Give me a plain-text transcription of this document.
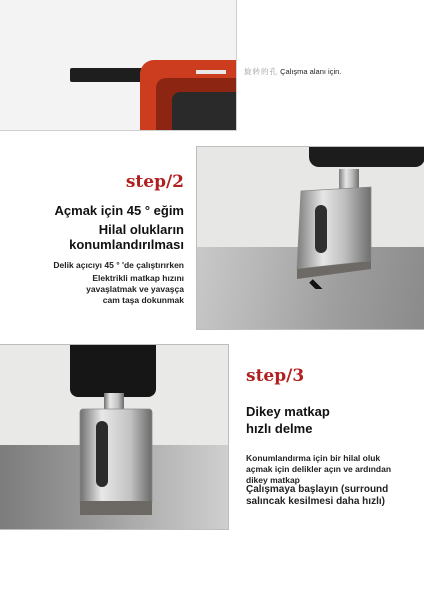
旋转的孔 Çalışma alanı için.
step/2
Açmak için 45 ° eğim
Hilal olukların
konumlandırılması
Delik açıcıyı 45 ° 'de çalıştırırken
Elektrikli matkap hızını
yavaşlatmak ve yavaşça
cam taşa dokunmak
step/3
Dikey matkap
hızlı delme
Konumlandırma için bir hilal oluk
açmak için delikler açın ve ardından
dikey matkap
Çalışmaya başlayın (surround
salıncak kesilmesi daha hızlı)
